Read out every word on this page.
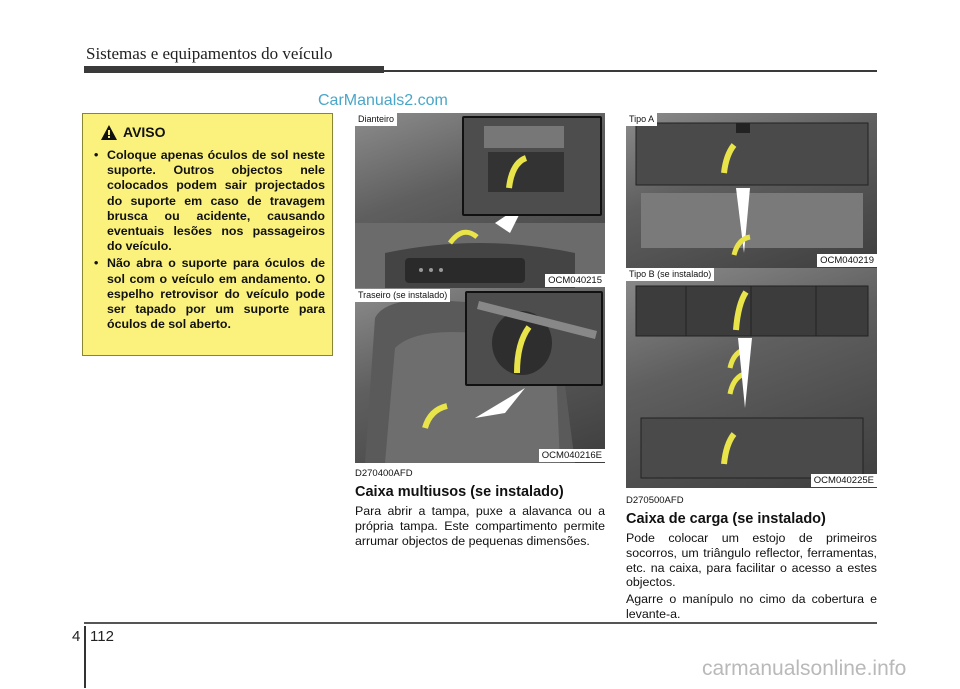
Sistemas e equipamentos do veículo
CarManuals2.com
AVISO
• Coloque apenas óculos de sol neste suporte. Outros objectos nele colocados podem sair projectados do suporte em caso de travagem brusca ou acidente, causando eventuais lesões nos passageiros do veículo.
• Não abra o suporte para óculos de sol com o veículo em andamento. O espelho retrovisor do veículo pode ser tapado por um suporte para óculos de sol aberto.
Dianteiro
OCM040215
Traseiro (se instalado)
OCM040216E
Tipo A
OCM040219
Tipo B (se instalado)
OCM040225E
D270400AFD
Caixa multiusos (se instalado)

Para abrir a tampa, puxe a alavanca ou a própria tampa. Este compartimento permite arrumar objectos de pequenas dimensões.

D270500AFD
Caixa de carga (se instalado)

Pode colocar um estojo de primeiros socorros, um triângulo reflector, ferramentas, etc. na caixa, para facilitar o acesso a estes objectos.

Agarre o manípulo no cimo da cobertura e levante-a.

4 112
carmanualsonline.info
